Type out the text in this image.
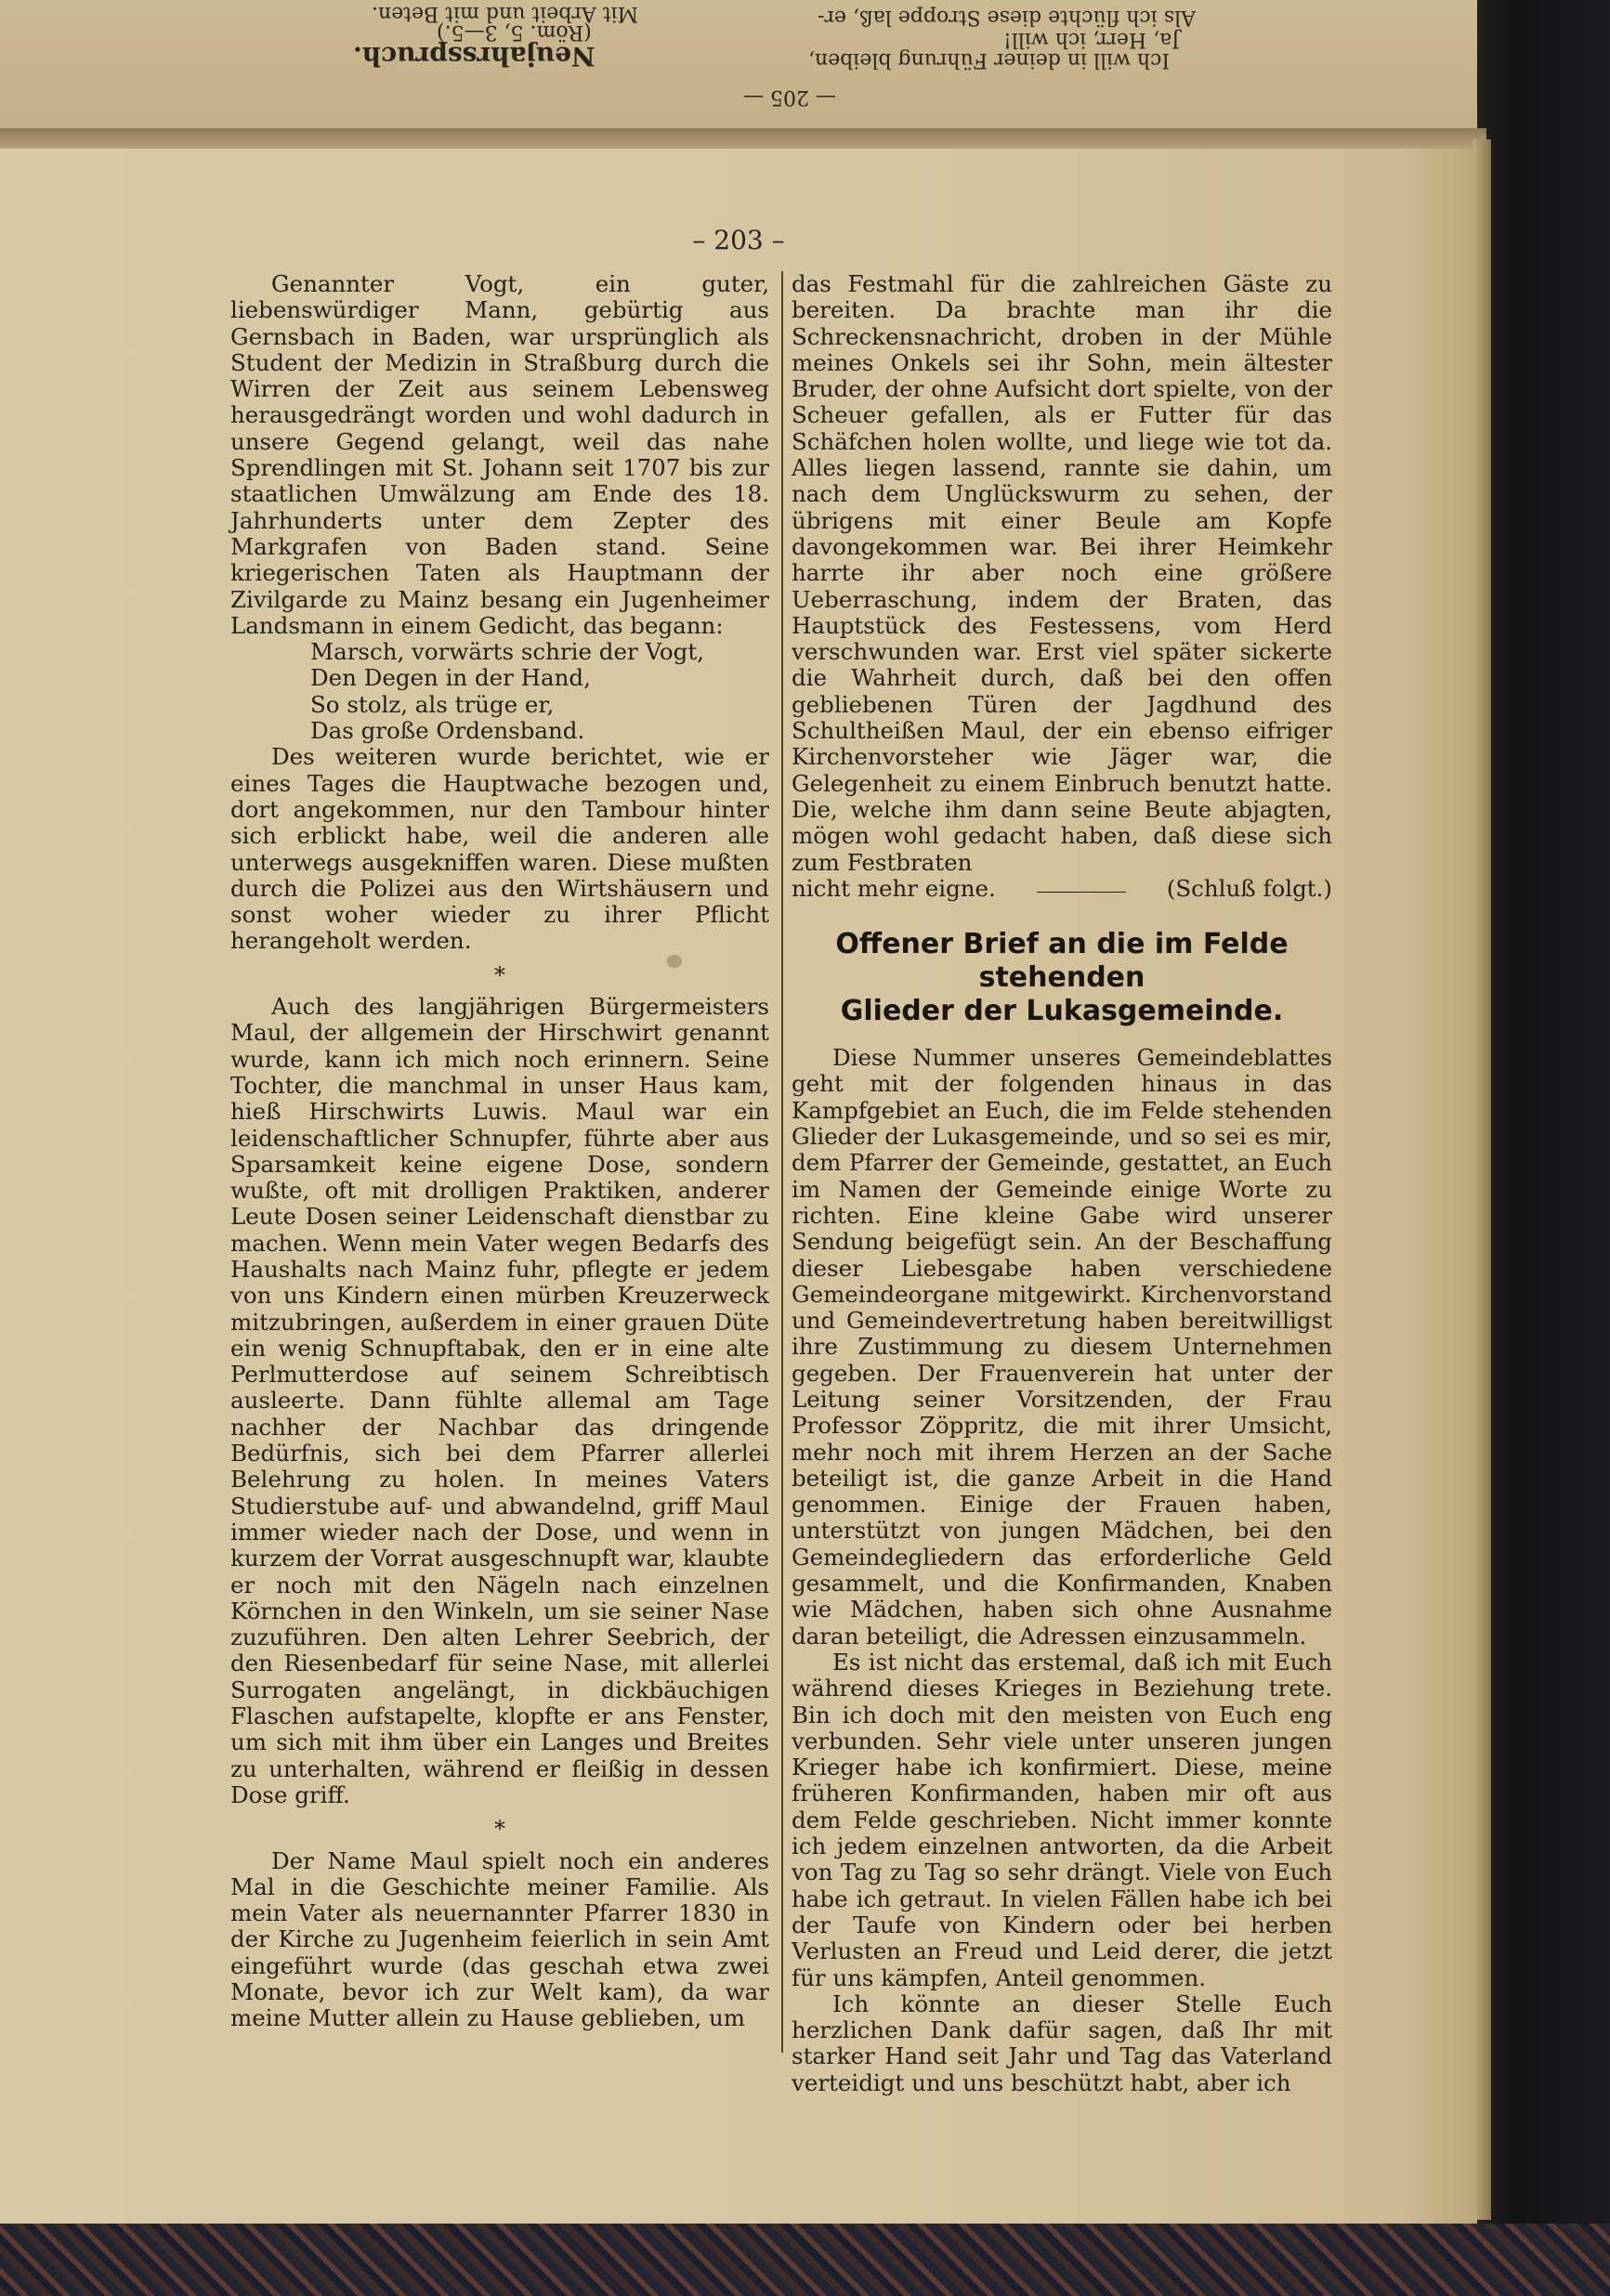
Neujahrsspruch.
(Röm. 5, 3—5.)
Mit Arbeit und mit Beten.
— 205 —
Ich will in deiner Führung bleiben,
Ja, Herr, ich will!
Als ich flüchte diese Stroppe laß, er-
– 203 –

Genannter Vogt, ein guter, liebenswürdiger Mann, gebürtig aus Gernsbach in Baden, war ursprünglich als Student der Medizin in Straßburg durch die Wirren der Zeit aus seinem Lebensweg herausgedrängt worden und wohl dadurch in unsere Gegend gelangt, weil das nahe Sprendlingen mit St. Johann seit 1707 bis zur staatlichen Umwälzung am Ende des 18. Jahrhunderts unter dem Zepter des Markgrafen von Baden stand. Seine kriegerischen Taten als Hauptmann der Zivilgarde zu Mainz besang ein Jugenheimer Landsmann in einem Gedicht, das begann:

Marsch, vorwärts schrie der Vogt,
Den Degen in der Hand,
So stolz, als trüge er,
Das große Ordensband.

Des weiteren wurde berichtet, wie er eines Tages die Hauptwache bezogen und, dort angekommen, nur den Tambour hinter sich erblickt habe, weil die anderen alle unterwegs ausgekniffen waren. Diese mußten durch die Polizei aus den Wirtshäusern und sonst woher wieder zu ihrer Pflicht herangeholt werden.

*

Auch des langjährigen Bürgermeisters Maul, der allgemein der Hirschwirt genannt wurde, kann ich mich noch erinnern. Seine Tochter, die manchmal in unser Haus kam, hieß Hirschwirts Luwis. Maul war ein leidenschaftlicher Schnupfer, führte aber aus Sparsamkeit keine eigene Dose, sondern wußte, oft mit drolligen Praktiken, anderer Leute Dosen seiner Leidenschaft dienstbar zu machen. Wenn mein Vater wegen Bedarfs des Haushalts nach Mainz fuhr, pflegte er jedem von uns Kindern einen mürben Kreuzerweck mitzubringen, außerdem in einer grauen Düte ein wenig Schnupftabak, den er in eine alte Perlmutterdose auf seinem Schreibtisch ausleerte. Dann fühlte allemal am Tage nachher der Nachbar das dringende Bedürfnis, sich bei dem Pfarrer allerlei Belehrung zu holen. In meines Vaters Studierstube auf- und abwandelnd, griff Maul immer wieder nach der Dose, und wenn in kurzem der Vorrat ausgeschnupft war, klaubte er noch mit den Nägeln nach einzelnen Körnchen in den Winkeln, um sie seiner Nase zuzuführen. Den alten Lehrer Seebrich, der den Riesenbedarf für seine Nase, mit allerlei Surrogaten angelängt, in dickbäuchigen Flaschen aufstapelte, klopfte er ans Fenster, um sich mit ihm über ein Langes und Breites zu unterhalten, während er fleißig in dessen Dose griff.

*

Der Name Maul spielt noch ein anderes Mal in die Geschichte meiner Familie. Als mein Vater als neuernannter Pfarrer 1830 in der Kirche zu Jugenheim feierlich in sein Amt eingeführt wurde (das geschah etwa zwei Monate, bevor ich zur Welt kam), da war meine Mutter allein zu Hause geblieben, um

das Festmahl für die zahlreichen Gäste zu bereiten. Da brachte man ihr die Schreckensnachricht, droben in der Mühle meines Onkels sei ihr Sohn, mein ältester Bruder, der ohne Aufsicht dort spielte, von der Scheuer gefallen, als er Futter für das Schäfchen holen wollte, und liege wie tot da. Alles liegen lassend, rannte sie dahin, um nach dem Unglückswurm zu sehen, der übrigens mit einer Beule am Kopfe davongekommen war. Bei ihrer Heimkehr harrte ihr aber noch eine größere Ueberraschung, indem der Braten, das Hauptstück des Festessens, vom Herd verschwunden war. Erst viel später sickerte die Wahrheit durch, daß bei den offen gebliebenen Türen der Jagdhund des Schultheißen Maul, der ein ebenso eifriger Kirchenvorsteher wie Jäger war, die Gelegenheit zu einem Einbruch benutzt hatte. Die, welche ihm dann seine Beute abjagten, mögen wohl gedacht haben, daß diese sich zum Festbraten

nicht mehr eigne.	(Schluß folgt.)
Offener Brief an die im Felde stehenden
Glieder der Lukasgemeinde.

Diese Nummer unseres Gemeindeblattes geht mit der folgenden hinaus in das Kampfgebiet an Euch, die im Felde stehenden Glieder der Lukasgemeinde, und so sei es mir, dem Pfarrer der Gemeinde, gestattet, an Euch im Namen der Gemeinde einige Worte zu richten. Eine kleine Gabe wird unserer Sendung beigefügt sein. An der Beschaffung dieser Liebesgabe haben verschiedene Gemeindeorgane mitgewirkt. Kirchenvorstand und Gemeindevertretung haben bereitwilligst ihre Zustimmung zu diesem Unternehmen gegeben. Der Frauenverein hat unter der Leitung seiner Vorsitzenden, der Frau Professor Zöppritz, die mit ihrer Umsicht, mehr noch mit ihrem Herzen an der Sache beteiligt ist, die ganze Arbeit in die Hand genommen. Einige der Frauen haben, unterstützt von jungen Mädchen, bei den Gemeindegliedern das erforderliche Geld gesammelt, und die Konfirmanden, Knaben wie Mädchen, haben sich ohne Ausnahme daran beteiligt, die Adressen einzusammeln.

Es ist nicht das erstemal, daß ich mit Euch während dieses Krieges in Beziehung trete. Bin ich doch mit den meisten von Euch eng verbunden. Sehr viele unter unseren jungen Krieger habe ich konfirmiert. Diese, meine früheren Konfirmanden, haben mir oft aus dem Felde geschrieben. Nicht immer konnte ich jedem einzelnen antworten, da die Arbeit von Tag zu Tag so sehr drängt. Viele von Euch habe ich getraut. In vielen Fällen habe ich bei der Taufe von Kindern oder bei herben Verlusten an Freud und Leid derer, die jetzt für uns kämpfen, Anteil genommen.

Ich könnte an dieser Stelle Euch herzlichen Dank dafür sagen, daß Ihr mit starker Hand seit Jahr und Tag das Vaterland verteidigt und uns beschützt habt, aber ich
